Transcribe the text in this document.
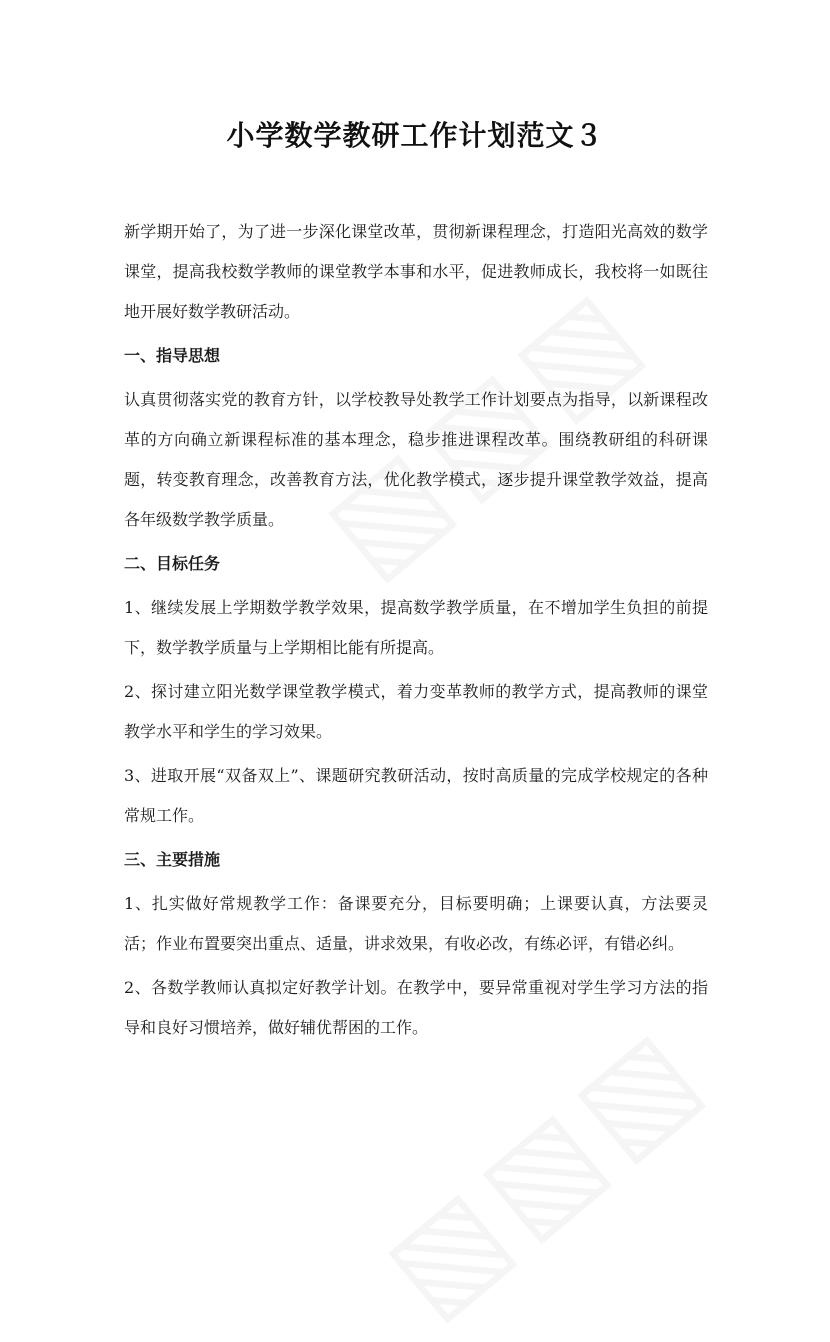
小学数学教研工作计划范文３

新学期开始了，为了进一步深化课堂改革，贯彻新课程理念，打造阳光高效的数学课堂，提高我校数学教师的课堂教学本事和水平，促进教师成长，我校将一如既往地开展好数学教研活动。

一、指导思想

认真贯彻落实党的教育方针，以学校教导处教学工作计划要点为指导，以新课程改革的方向确立新课程标准的基本理念，稳步推进课程改革。围绕教研组的科研课题，转变教育理念，改善教育方法，优化教学模式，逐步提升课堂教学效益，提高各年级数学教学质量。

二、目标任务

1、继续发展上学期数学教学效果，提高数学教学质量，在不增加学生负担的前提下，数学教学质量与上学期相比能有所提高。

2、探讨建立阳光数学课堂教学模式，着力变革教师的教学方式，提高教师的课堂教学水平和学生的学习效果。

3、进取开展“双备双上”、课题研究教研活动，按时高质量的完成学校规定的各种常规工作。

三、主要措施

1、扎实做好常规教学工作：备课要充分，目标要明确；上课要认真，方法要灵活；作业布置要突出重点、适量，讲求效果，有收必改，有练必评，有错必纠。

2、各数学教师认真拟定好教学计划。在教学中，要异常重视对学生学习方法的指导和良好习惯培养，做好辅优帮困的工作。
